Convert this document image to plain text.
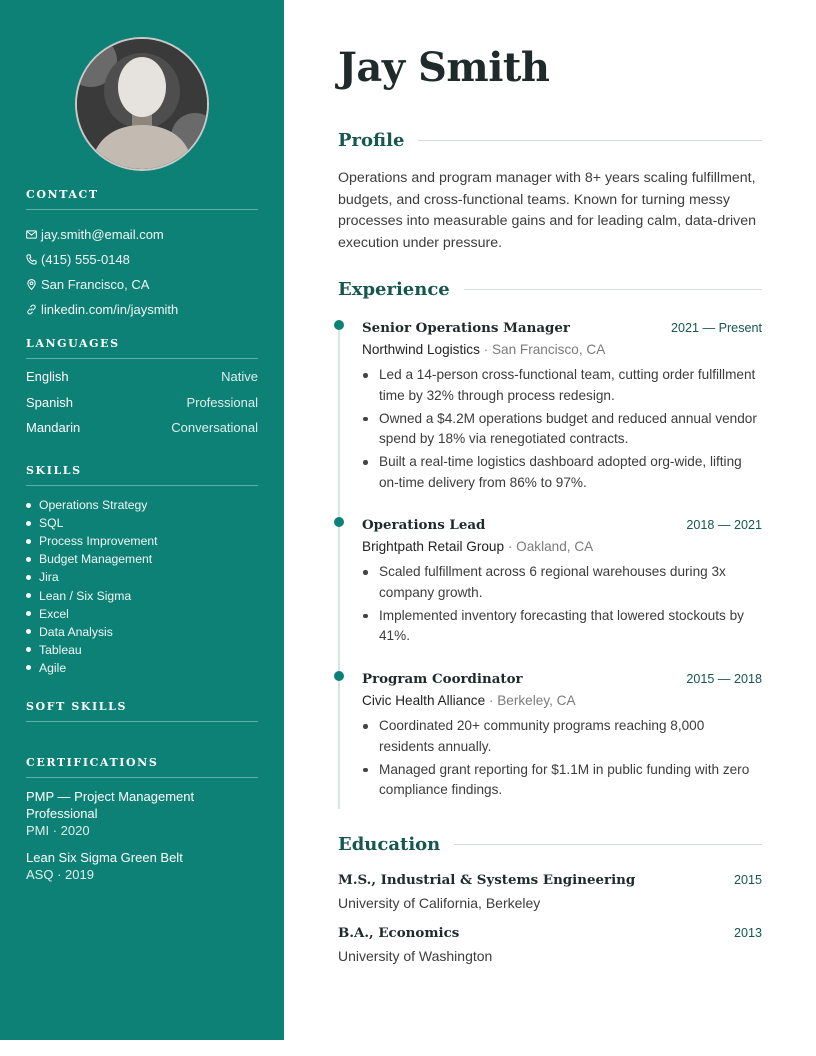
CONTACT
jay.smith@email.com
(415) 555-0148
San Francisco, CA
linkedin.com/in/jaysmith
LANGUAGES
English	Native
Spanish	Professional
Mandarin	Conversational
SKILLS
Operations Strategy
SQL
Process Improvement
Budget Management
Jira
Lean / Six Sigma
Excel
Data Analysis
Tableau
Agile
SOFT SKILLS
CERTIFICATIONS
PMP — Project Management Professional
PMI · 2020
Lean Six Sigma Green Belt
ASQ · 2019
Jay Smith
Profile

Operations and program manager with 8+ years scaling fulfillment, budgets, and cross-functional teams. Known for turning messy processes into measurable gains and for leading calm, data-driven execution under pressure.

Experience
Senior Operations Manager	2021 — Present
Northwind Logistics · San Francisco, CA
Led a 14-person cross-functional team, cutting order fulfillment time by 32% through process redesign.
Owned a $4.2M operations budget and reduced annual vendor spend by 18% via renegotiated contracts.
Built a real-time logistics dashboard adopted org-wide, lifting on-time delivery from 86% to 97%.
Operations Lead	2018 — 2021
Brightpath Retail Group · Oakland, CA
Scaled fulfillment across 6 regional warehouses during 3x company growth.
Implemented inventory forecasting that lowered stockouts by 41%.
Program Coordinator	2015 — 2018
Civic Health Alliance · Berkeley, CA
Coordinated 20+ community programs reaching 8,000 residents annually.
Managed grant reporting for $1.1M in public funding with zero compliance findings.
Education
M.S., Industrial & Systems Engineering	2015
University of California, Berkeley
B.A., Economics	2013
University of Washington
